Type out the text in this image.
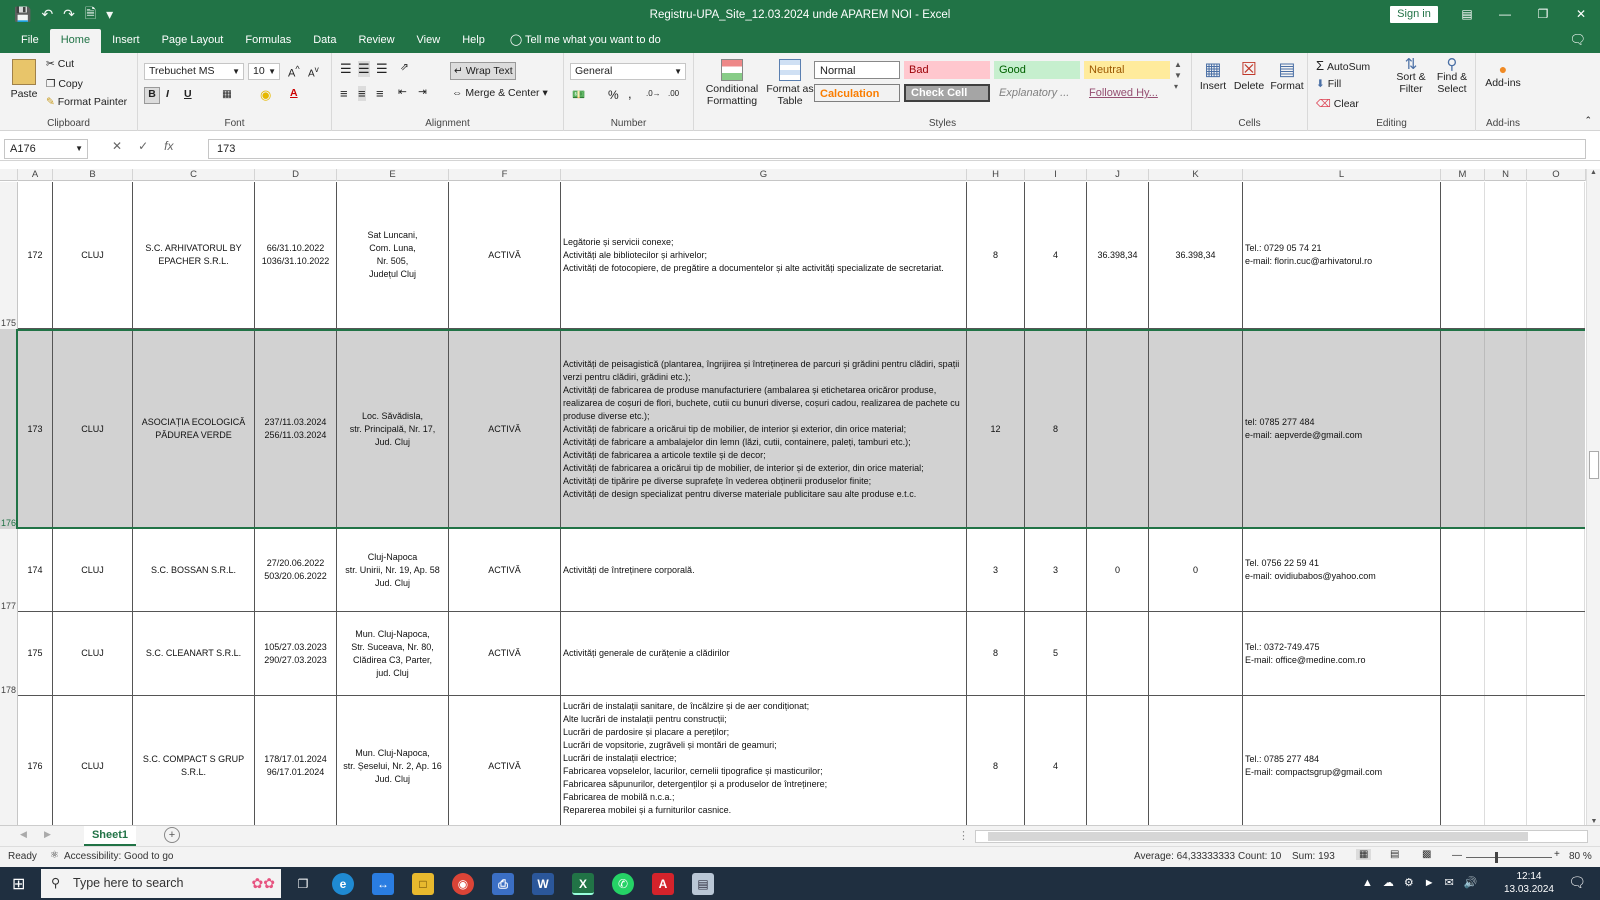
💾 ↶ ↷ 🗎 ▾	Registru-UPA_Site_12.03.2024 unde APAREM NOI - Excel	Sign in	▤	—	❐	✕
File	Home	Insert	Page Layout	Formulas	Data	Review	View	Help	◯ Tell me what you want to do	🗨
Paste
✂ Cut
❐ Copy
✎ Format Painter
Clipboard
Trebuchet MS ▼	10 ▼ A^ $A^v$
B I U	▦ ◉ A
Font
☰ ☰ ☰ ⇗
≡ ≡ ≡ ⇤ ⇥
↵ Wrap Text
⇔ Merge & Center ▾
Alignment
General	▼
💵 % , .0→ .00
Number
Conditional Formatting
Format as Table
Normal	Bad	Good	Neutral
Calculation	Check Cell	Explanatory ...	Followed Hy...
▲
▼
▾
Styles
▦
Insert
☒
Delete
▤
Format
Cells
Σ AutoSum
⬇ Fill
⌫ Clear
⇅
Sort & Filter
⚲
Find & Select
Editing
●
Add-ins
Add-ins	⌃
A176	▼ ✕ ✓ fx	173
A	B	C	D	E	F	G	H	I	J	K	L	M	N	O
175
172	CLUJ
S.C. ARHIVATORUL BY EPACHER S.R.L.
66/31.10.2022
1036/31.10.2022
Sat Luncani,
Com. Luna,
Nr. 505,
Județul Cluj
ACTIVĂ
Legătorie și servicii conexe;
Activități ale bibliotecilor și arhivelor;
Activități de fotocopiere, de pregătire a documentelor și alte activități specializate de secretariat.
8	4	36.398,34	36.398,34
Tel.: 0729 05 74 21
e-mail: florin.cuc@arhivatorul.ro
176
173	CLUJ
ASOCIAȚIA ECOLOGICĂ PĂDUREA VERDE
237/11.03.2024
256/11.03.2024
Loc. Săvădisla,
str. Principală, Nr. 17,
Jud. Cluj
ACTIVĂ
Activități de peisagistică (plantarea, îngrijirea și întreținerea de parcuri și grădini pentru clădiri, spații verzi pentru clădiri, grădini etc.);
Activități de fabricarea de produse manufacturiere (ambalarea și etichetarea oricăror produse, realizarea de coșuri de flori, buchete, cutii cu bunuri diverse, coșuri cadou, realizarea de pachete cu produse diverse etc.);
Activități de fabricare a oricărui tip de mobilier, de interior și exterior, din orice material;
Activități de fabricare a ambalajelor din lemn (lăzi, cutii, containere, paleți, tamburi etc.);
Activități de fabricarea a articole textile și de decor;
Activități de fabricarea a oricărui tip de mobilier, de interior și de exterior, din orice material;
Activități de tipărire pe diverse suprafețe în vederea obținerii produselor finite;
Activități de design specializat pentru diverse materiale publicitare sau alte produse e.t.c.
12	8
tel: 0785 277 484
e-mail: aepverde@gmail.com
177
174	CLUJ	S.C. BOSSAN S.R.L.
27/20.06.2022
503/20.06.2022
Cluj-Napoca
str. Unirii, Nr. 19, Ap. 58
Jud. Cluj
ACTIVĂ	Activități de întreținere corporală.	3	3	0	0
Tel. 0756 22 59 41
e-mail: ovidiubabos@yahoo.com
178
175	CLUJ	S.C. CLEANART S.R.L.
105/27.03.2023
290/27.03.2023
Mun. Cluj-Napoca,
Str. Suceava, Nr. 80,
Clădirea C3, Parter,
jud. Cluj
ACTIVĂ	Activități generale de curățenie a clădirilor	8	5
Tel.: 0372-749.475
E-mail: office@medine.com.ro
176	CLUJ
S.C. COMPACT S GRUP S.R.L.
178/17.01.2024
96/17.01.2024
Mun. Cluj-Napoca,
str. Șeselui, Nr. 2, Ap. 16
Jud. Cluj
ACTIVĂ
Lucrări de instalații sanitare, de încălzire și de aer condiționat;
Alte lucrări de instalații pentru construcții;
Lucrări de pardosire și placare a pereților;
Lucrări de vopsitorie, zugrăveli și montări de geamuri;
Lucrări de instalații electrice;
Fabricarea vopselelor, lacurilor, cernelii tipografice și masticurilor;
Fabricarea săpunurilor, detergenților și a produselor de întreținere;
Fabricarea de mobilă n.c.a.;
Reparerea mobilei și a furniturilor casnice.
8	4
Tel.: 0785 277 484
E-mail: compactsgrup@gmail.com
▲
▼
◀ ▶	Sheet1	+	⋮
Ready ⚛ Accessibility: Good to go	Average: 64,33333333 Count: 10 Sum: 193	▦	▤ ▩ —	+ 80 %
⊞ ⚲ Type here to search	✿✿	❐	e	↔	□	◉	⎙	W	X	✆	A	▤	▲☁⚙►✉🔊
12:14
13.03.2024 🗨
